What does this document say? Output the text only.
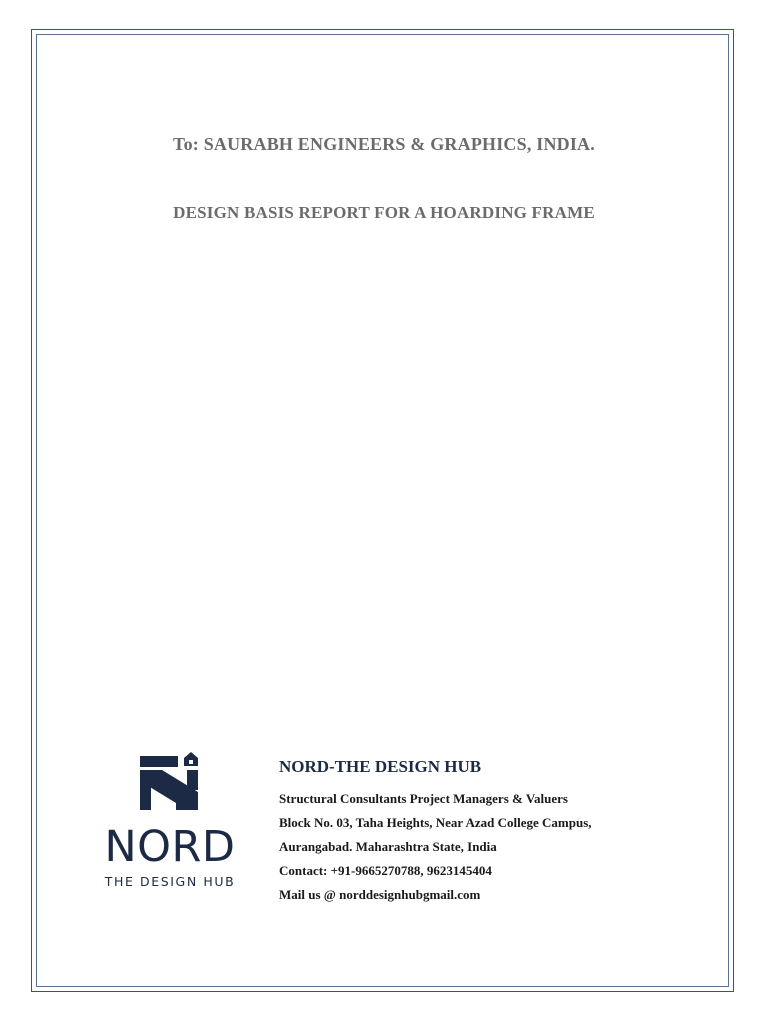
To: SAURABH ENGINEERS & GRAPHICS, INDIA.
DESIGN BASIS REPORT FOR A HOARDING FRAME
NORD
THE DESIGN HUB
NORD-THE DESIGN HUB
Structural Consultants Project Managers & Valuers
Block No. 03, Taha Heights, Near Azad College Campus,
Aurangabad. Maharashtra State, India
Contact: +91-9665270788, 9623145404
Mail us @ norddesignhubgmail.com
